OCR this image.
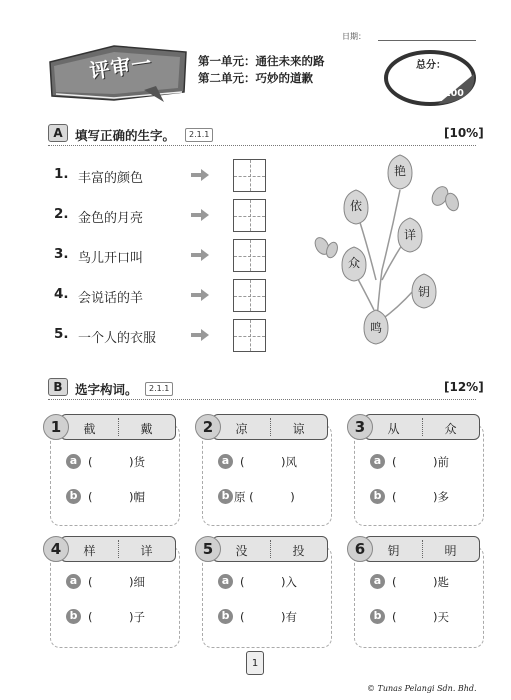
日期：
评审一	第一单元：通往未来的路
第二单元：巧妙的道歉
总分：
100
A 填写正确的生字。	2.1.1	[10%]
1. 丰富的颜色
2. 金色的月亮
3. 鸟儿开口叫
4. 会说话的羊
5. 一个人的衣服
艳
依
详
众
钥
鸣
B 选字构词。	2.1.1	[12%]
截	戴
1
a (          )货
b (          )帽
凉	谅
2
a (          )风
b 原 (          )
从	众
3
a (          )前
b (          )多
样	详
4
a (          )细
b (          )子
没	投
5
a (          )入
b (          )有
钥	明
6
a (          )匙
b (          )天
1
© Tunas Pelangi Sdn. Bhd.
